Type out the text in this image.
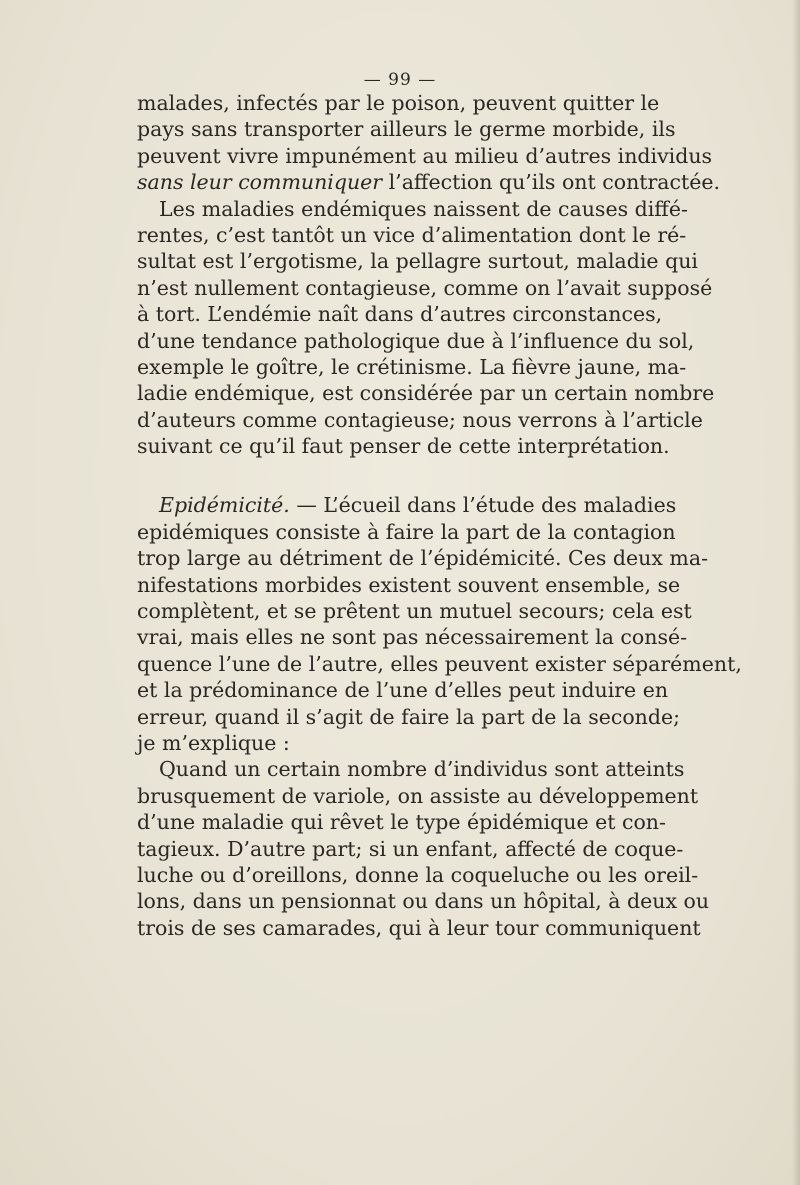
— 99 —
malades, infectés par le poison, peuvent quitter le
pays sans transporter ailleurs le germe morbide, ils
peuvent vivre impunément au milieu d’autres individus
sans leur communiquer l’affection qu’ils ont contractée.
Les maladies endémiques naissent de causes diffé-
rentes, c’est tantôt un vice d’alimentation dont le ré-
sultat est l’ergotisme, la pellagre surtout, maladie qui
n’est nullement contagieuse, comme on l’avait supposé
à tort. L’endémie naît dans d’autres circonstances,
d’une tendance pathologique due à l’influence du sol,
exemple le goître, le crétinisme. La fièvre jaune, ma-
ladie endémique, est considérée par un certain nombre
d’auteurs comme contagieuse; nous verrons à l’article
suivant ce qu’il faut penser de cette interprétation.
Epidémicité. — L’écueil dans l’étude des maladies
epidémiques consiste à faire la part de la contagion
trop large au détriment de l’épidémicité. Ces deux ma-
nifestations morbides existent souvent ensemble, se
complètent, et se prêtent un mutuel secours; cela est
vrai, mais elles ne sont pas nécessairement la consé-
quence l’une de l’autre, elles peuvent exister séparément,
et la prédominance de l’une d’elles peut induire en
erreur, quand il s’agit de faire la part de la seconde;
je m’explique :
Quand un certain nombre d’individus sont atteints
brusquement de variole, on assiste au développement
d’une maladie qui rêvet le type épidémique et con-
tagieux. D’autre part; si un enfant, affecté de coque-
luche ou d’oreillons, donne la coqueluche ou les oreil-
lons, dans un pensionnat ou dans un hôpital, à deux ou
trois de ses camarades, qui à leur tour communiquent
